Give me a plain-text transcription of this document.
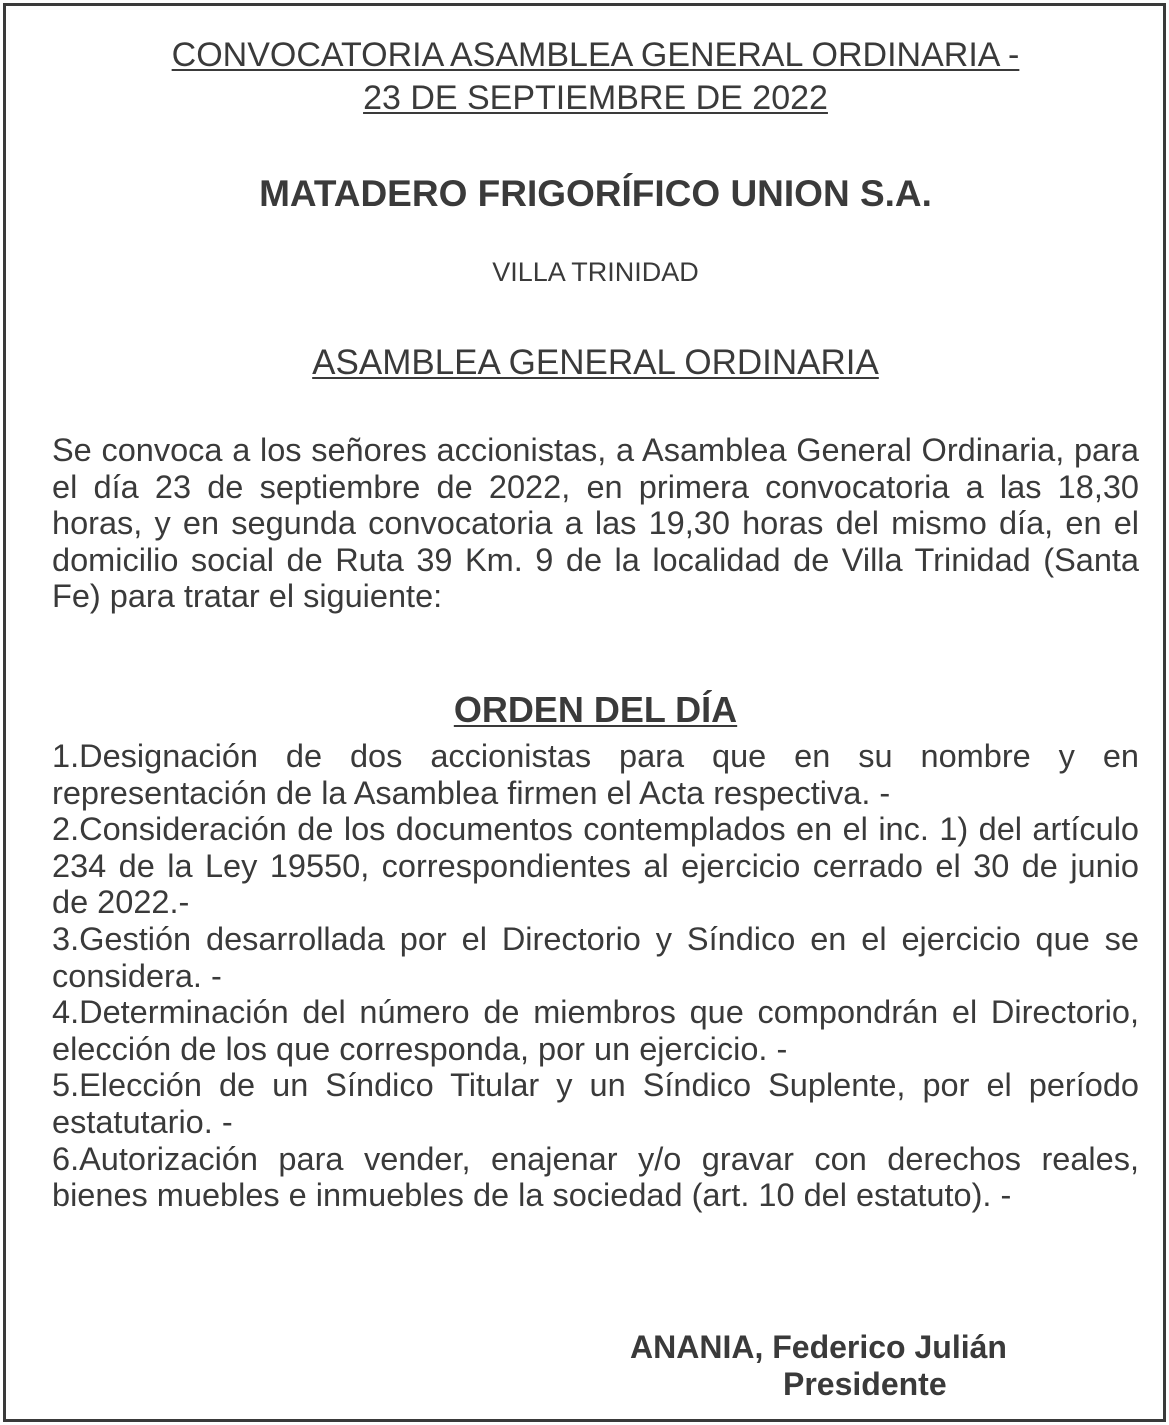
CONVOCATORIA ASAMBLEA GENERAL ORDINARIA -
23 DE SEPTIEMBRE DE 2022
MATADERO FRIGORÍFICO UNION S.A.
VILLA TRINIDAD
ASAMBLEA GENERAL ORDINARIA

Se convoca a los señores accionistas, a Asamblea General Ordinaria, para el día 23 de septiembre de 2022, en primera convocatoria a las 18,30 horas, y en segunda convocatoria a las 19,30 horas del mismo día, en el domicilio social de Ruta 39 Km. 9 de la localidad de Villa Trinidad (Santa Fe) para tratar el siguiente:

ORDEN DEL DÍA
1.Designación de dos accionistas para que en su nombre y en representación de la Asamblea firmen el Acta respectiva. -
2.Consideración de los documentos contemplados en el inc. 1) del artículo 234 de la Ley 19550, correspondientes al ejercicio cerrado el 30 de junio de 2022.-
3.Gestión desarrollada por el Directorio y Síndico en el ejercicio que se considera. -
4.Determinación del número de miembros que compondrán el Directorio, elección de los que corresponda, por un ejercicio. -
5.Elección de un Síndico Titular y un Síndico Suplente, por el período estatutario. -
6.Autorización para vender, enajenar y/o gravar con derechos reales, bienes muebles e inmuebles de la sociedad (art. 10 del estatuto). -
ANANIA, Federico Julián
Presidente
